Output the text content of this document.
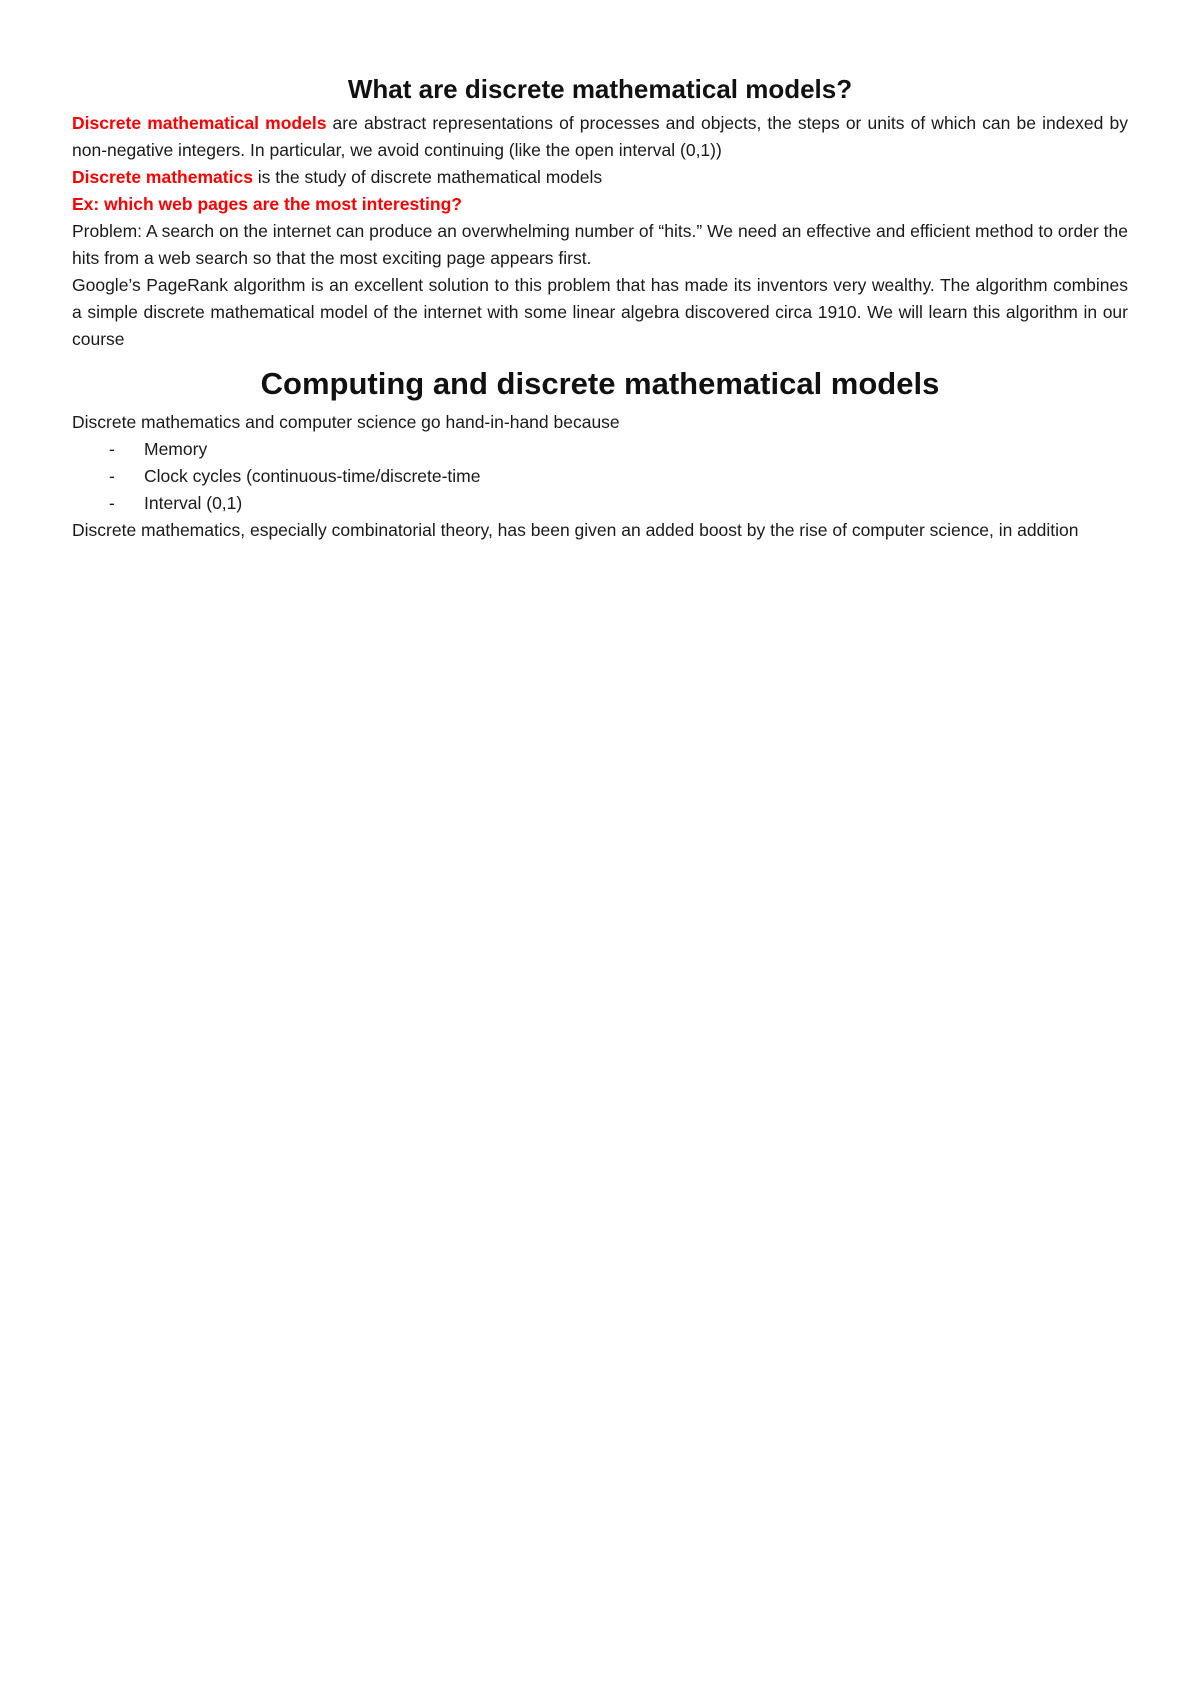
What are discrete mathematical models?

Discrete mathematical models are abstract representations of processes and objects, the steps or units of which can be indexed by non-negative integers. In particular, we avoid continuing (like the open interval (0,1))

Discrete mathematics is the study of discrete mathematical models

Ex: which web pages are the most interesting?

Problem: A search on the internet can produce an overwhelming number of “hits.” We need an effective and efficient method to order the hits from a web search so that the most exciting page appears first.

Google’s PageRank algorithm is an excellent solution to this problem that has made its inventors very wealthy. The algorithm combines a simple discrete mathematical model of the internet with some linear algebra discovered circa 1910. We will learn this algorithm in our course

Computing and discrete mathematical models

Discrete mathematics and computer science go hand-in-hand because

- Memory
- Clock cycles (continuous-time/discrete-time
- Interval (0,1)

Discrete mathematics, especially combinatorial theory, has been given an added boost by the rise of computer science, in addition
